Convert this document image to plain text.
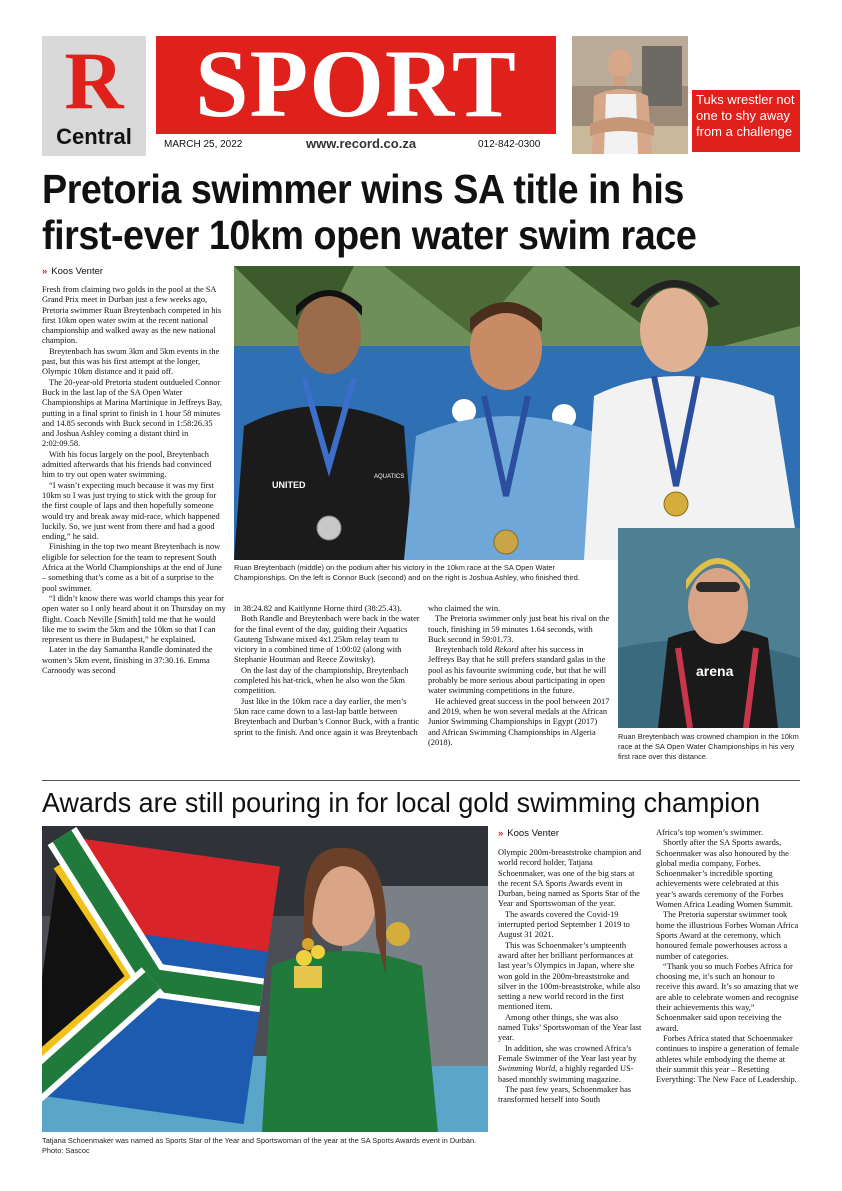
R
Central SPORT
MARCH 25, 2022	www.record.co.za	012-842-0300
Tuks wrestler not one to shy away from a challenge
Pretoria swimmer wins SA title in his first-ever 10km open water swim race
» Koos Venter

Fresh from claiming two golds in the pool at the SA Grand Prix meet in Durban just a few weeks ago, Pretoria swimmer Ruan Breytenbach competed in his first 10km open water swim at the recent national championship and walked away as the new national champion.

Breytenbach has swum 3km and 5km events in the past, but this was his first attempt at the longer, Olympic 10km distance and it paid off.

The 20-year-old Pretoria student outdueled Connor Buck in the last lap of the SA Open Water Championships at Marina Martinique in Jeffreys Bay, putting in a final sprint to finish in 1 hour 58 minutes and 14.85 seconds with Buck second in 1:58:26.35 and Joshua Ashley coming a distant third in 2:02:09.58.

With his focus largely on the pool, Breytenbach admitted afterwards that his friends had convinced him to try out open water swimming.

“I wasn’t expecting much because it was my first 10km so I was just trying to stick with the group for the first couple of laps and then hopefully someone would try and break away mid-race, which happened luckily. So, we just went from there and had a good ending,” he said.

Finishing in the top two meant Breytenbach is now eligible for selection for the team to represent South Africa at the World Championships at the end of June – something that’s come as a bit of a surprise to the pool swimmer.

“I didn’t know there was world champs this year for open water so I only heard about it on Thursday on my flight. Coach Neville [Smith] told me that he would like me to swim the 5km and the 10km so that I can represent us there in Budapest,” he explained.

Later in the day Samantha Randle dominated the women’s 5km event, finishing in 37:30.16. Emma Carnoody was second

UNITED
AQUATICS
Ruan Breytenbach (middle) on the podium after his victory in the 10km race at the SA Open Water Championships. On the left is Connor Buck (second) and on the right is Joshua Ashley, who finished third.
arena
Ruan Breytenbach was crowned champion in the 10km race at the SA Open Water Championships in his very first race over this distance.

in 38:24.82 and Kaitlynne Horne third (38:25.43).

Both Randle and Breytenbach were back in the water for the final event of the day, guiding their Aquatics Gauteng Tshwane mixed 4x1.25km relay team to victory in a combined time of 1:00:02 (along with Stephanie Houtman and Reece Zowitsky).

On the last day of the championship, Breytenbach completed his hat-trick, when he also won the 5km competition.

Just like in the 10km race a day earlier, the men’s 5km race came down to a last-lap battle between Breytenbach and Durban’s Connor Buck, with a frantic sprint to the finish. And once again it was Breytenbach

who claimed the win.

The Pretoria swimmer only just beat his rival on the touch, finishing in 59 minutes 1.64 seconds, with Buck second in 59:01.73.

Breytenbach told Rekord after his success in Jeffreys Bay that he still prefers standard galas in the pool as his favourite swimming code, but that he will probably be more serious about participating in open water swimming competitions in the future.

He achieved great success in the pool between 2017 and 2019, when he won several medals at the African Junior Swimming Championships in Egypt (2017) and African Swimming Championships in Algeria (2018).

Awards are still pouring in for local gold swimming champion
Tatjana Schoenmaker was named as Sports Star of the Year and Sportswoman of the year at the SA Sports Awards event in Durban. Photo: Sascoc
» Koos Venter

Olympic 200m-breaststroke champion and world record holder, Tatjana Schoenmaker, was one of the big stars at the recent SA Sports Awards event in Durban, being named as Sports Star of the Year and Sportswoman of the year.

The awards covered the Covid-19 interrupted period September 1 2019 to August 31 2021.

This was Schoenmaker’s umpteenth award after her brilliant performances at last year’s Olympics in Japan, where she won gold in the 200m-breaststroke and silver in the 100m-breaststroke, while also setting a new world record in the first mentioned item.

Among other things, she was also named Tuks’ Sportswoman of the Year last year.

In addition, she was crowned Africa’s Female Swimmer of the Year last year by Swimming World, a highly regarded US-based monthly swimming magazine.

The past few years, Schoenmaker has transformed herself into South

Africa’s top women’s swimmer.

Shortly after the SA Sports awards, Schoenmaker was also honoured by the global media company, Forbes. Schoenmaker’s incredible sporting achievements were celebrated at this year’s awards ceremony of the Forbes Women Africa Leading Women Summit.

The Pretoria superstar swimmer took home the illustrious Forbes Woman Africa Sports Award at the ceremony, which honoured female powerhouses across a number of categories.

“Thank you so much Forbes Africa for choosing me, it’s such an honour to receive this award. It’s so amazing that we are able to celebrate women and recognise their achievements this way,” Schoenmaker said upon receiving the award.

Forbes Africa stated that Schoenmaker continues to inspire a generation of female athletes while embodying the theme at their summit this year – Resetting Everything: The New Face of Leadership.
